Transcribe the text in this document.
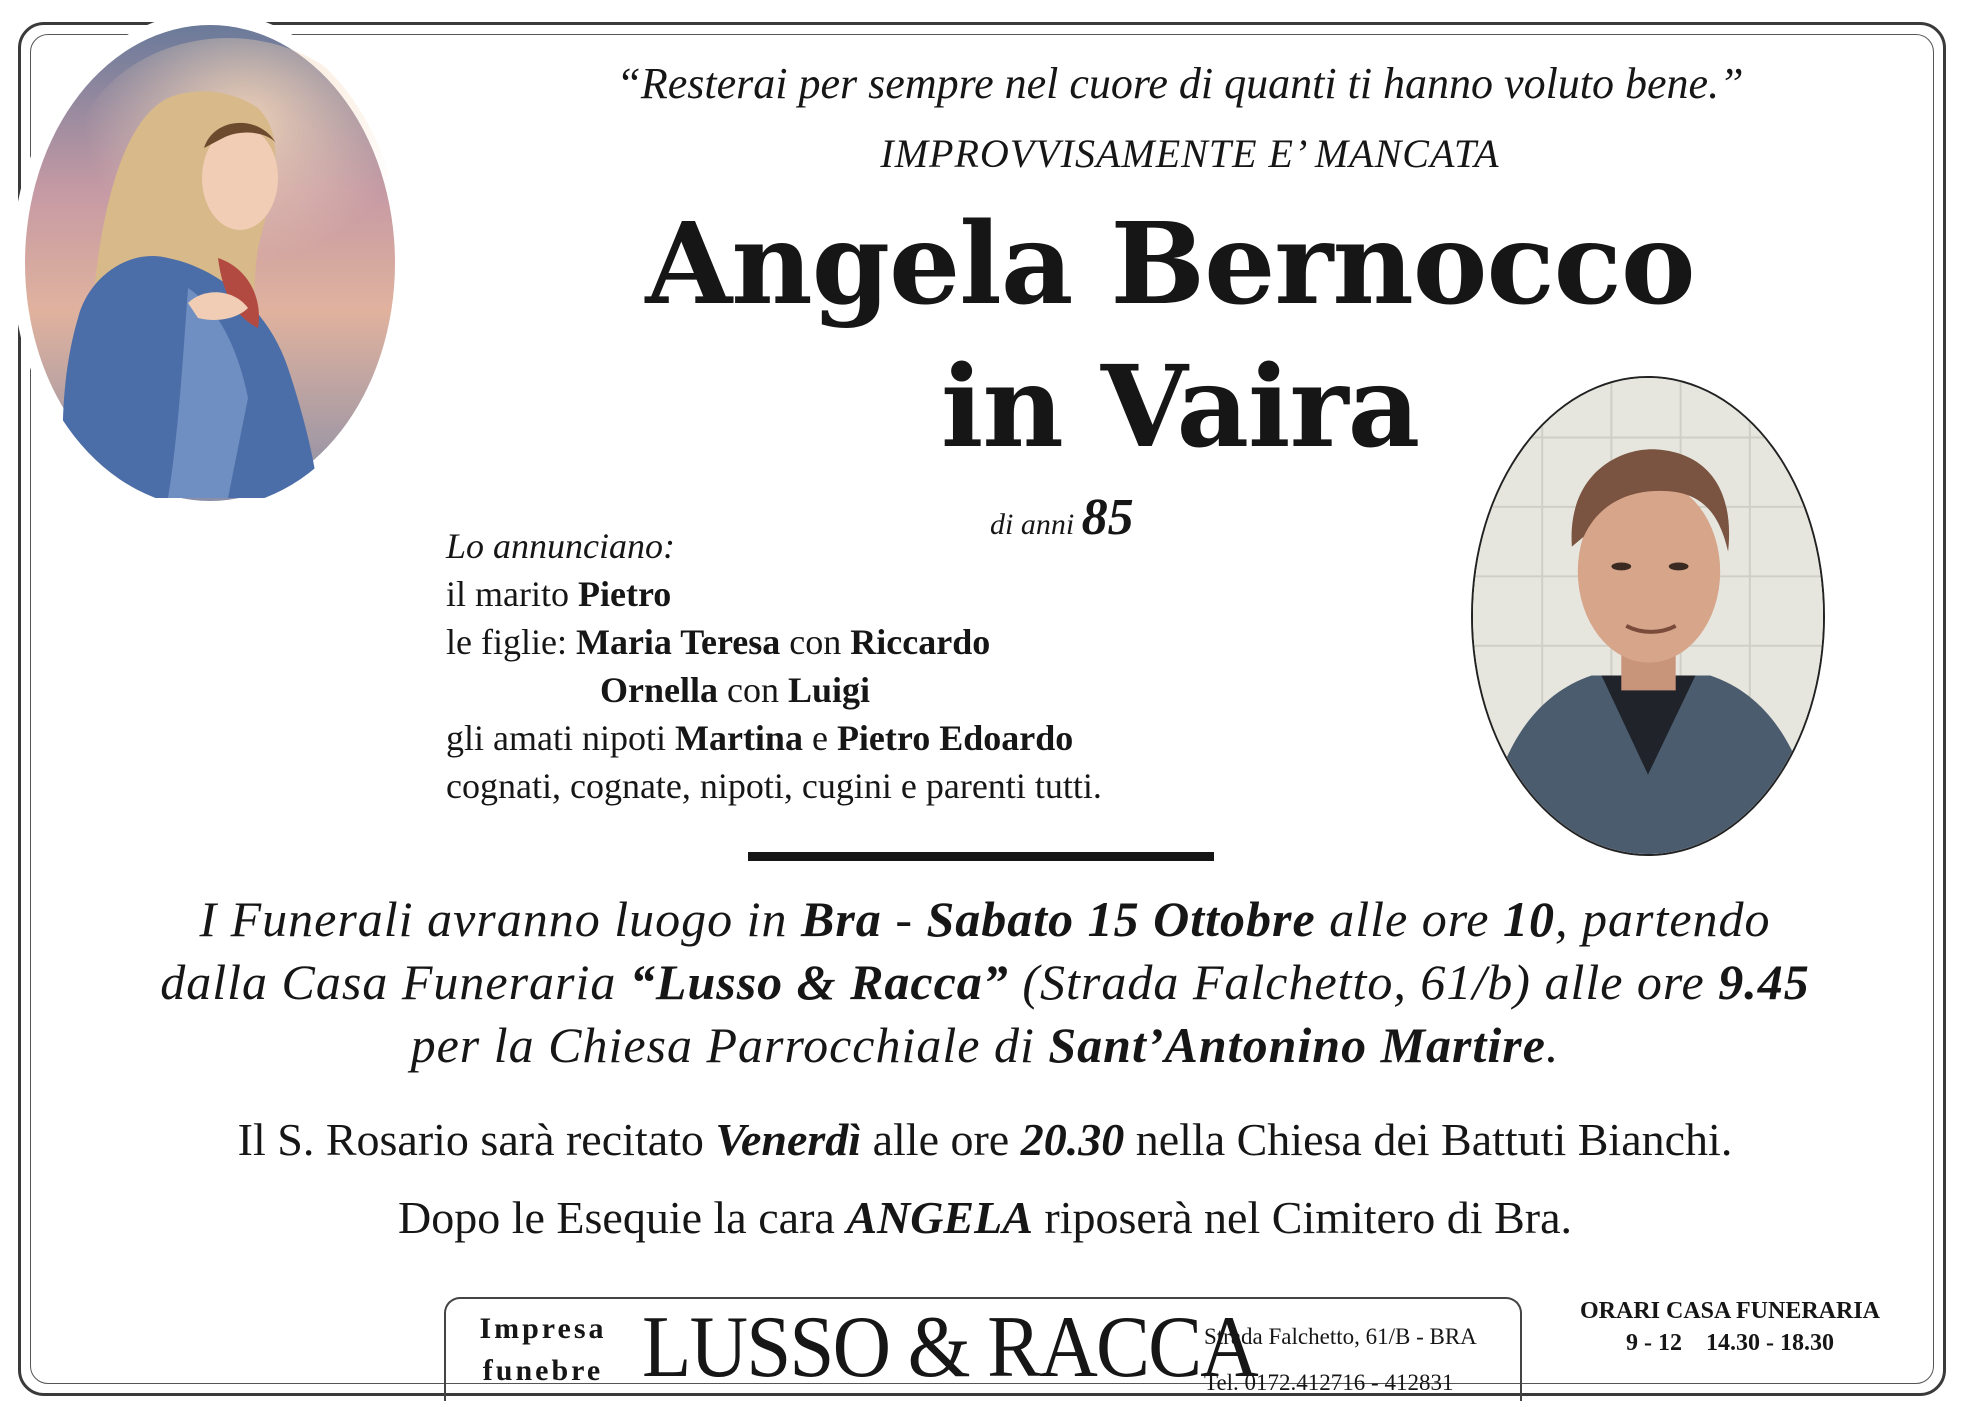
“Resterai per sempre nel cuore di quanti ti hanno voluto bene.”
IMPROVVISAMENTE E’ MANCATA
Angela Bernocco
in Vaira
di anni 85
Lo annunciano:
il marito Pietro
le figlie: Maria Teresa con Riccardo
Ornella con Luigi
gli amati nipoti Martina e Pietro Edoardo
cognati, cognate, nipoti, cugini e parenti tutti.
I Funerali avranno luogo in Bra - Sabato 15 Ottobre alle ore 10, partendo
dalla Casa Funeraria “Lusso & Racca” (Strada Falchetto, 61/b) alle ore 9.45
per la Chiesa Parrocchiale di Sant’Antonino Martire.
Il S. Rosario sarà recitato Venerdì alle ore 20.30 nella Chiesa dei Battuti Bianchi.
Dopo le Esequie la cara ANGELA riposerà nel Cimitero di Bra.
Impresa
funebre LUSSO & RACCA
Strada Falchetto, 61/B - BRA
Tel. 0172.412716 - 412831
ORARI CASA FUNERARIA
9 - 12 14.30 - 18.30
